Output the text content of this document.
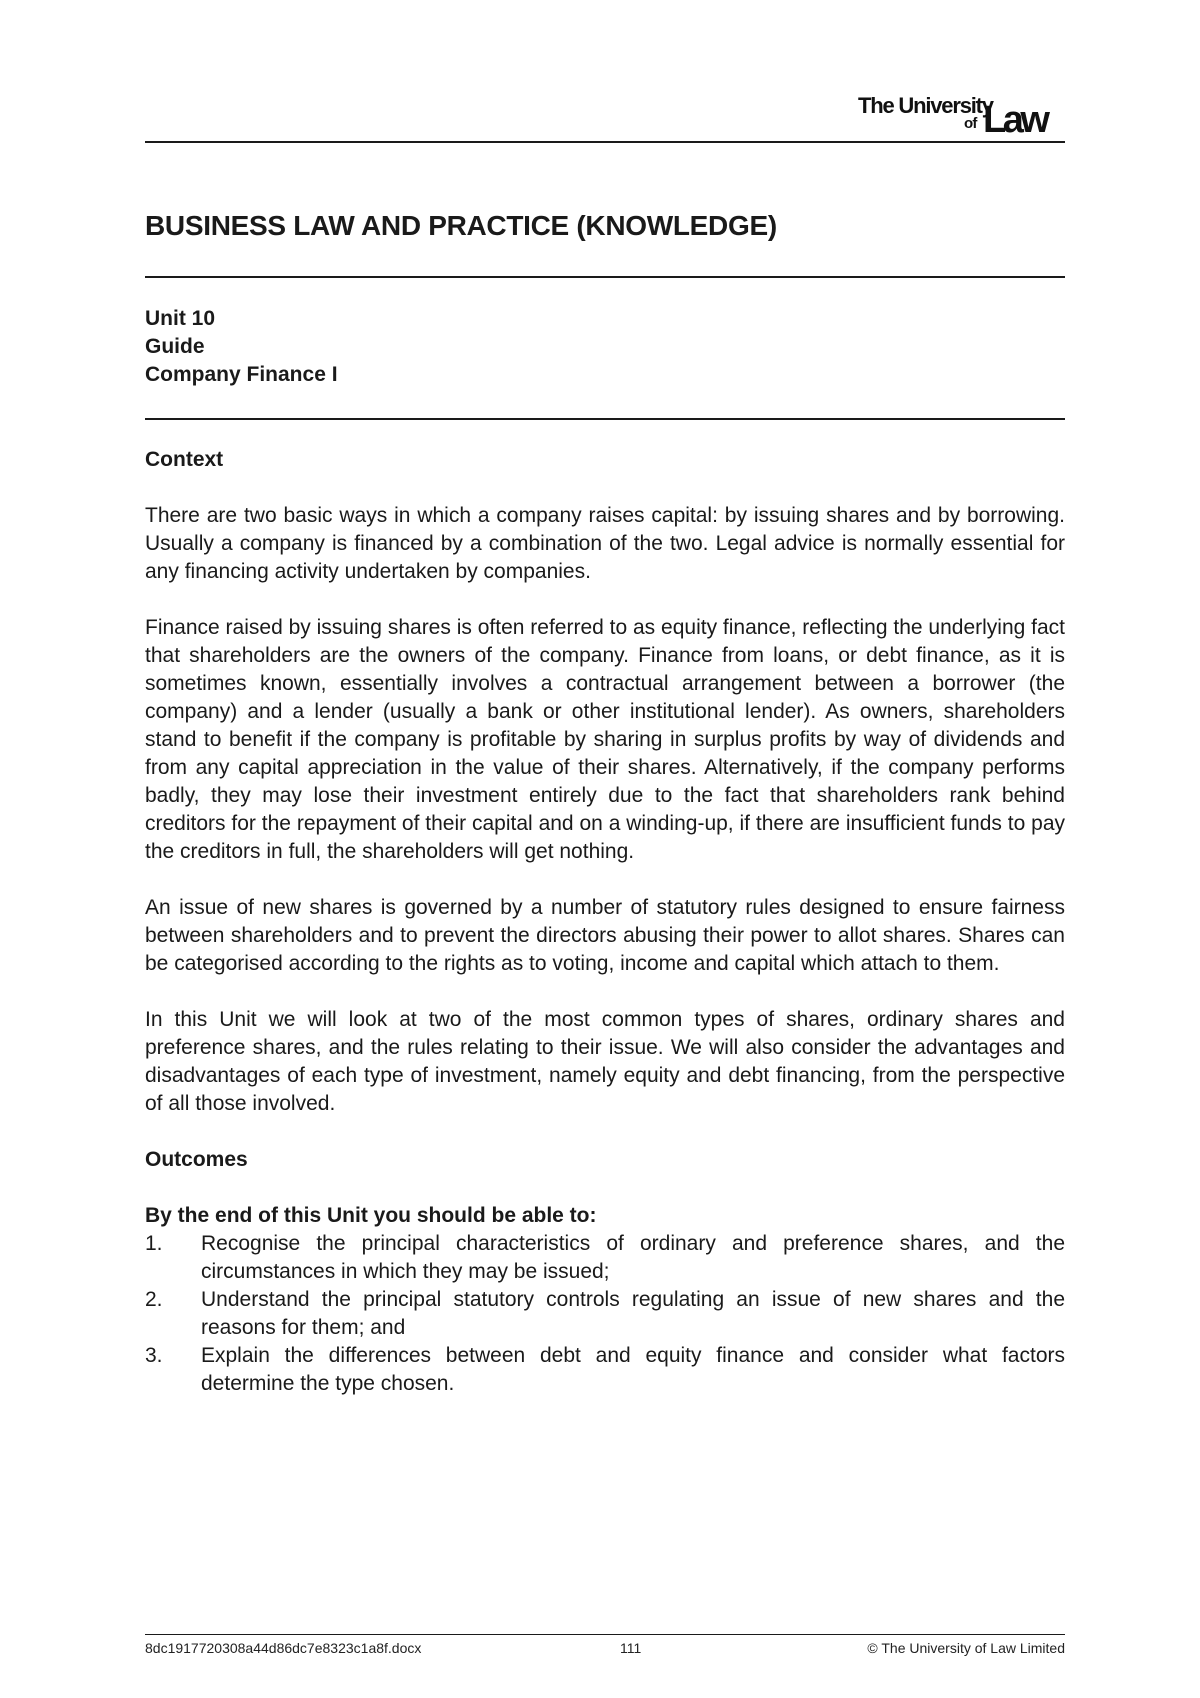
The University
of Law
BUSINESS LAW AND PRACTICE (KNOWLEDGE)
Unit 10
Guide
Company Finance I
Context

There are two basic ways in which a company raises capital: by issuing shares and by borrowing. Usually a company is financed by a combination of the two. Legal advice is normally essential for any financing activity undertaken by companies.

Finance raised by issuing shares is often referred to as equity finance, reflecting the underlying fact that shareholders are the owners of the company. Finance from loans, or debt finance, as it is sometimes known, essentially involves a contractual arrangement between a borrower (the company) and a lender (usually a bank or other institutional lender). As owners, shareholders stand to benefit if the company is profitable by sharing in surplus profits by way of dividends and from any capital appreciation in the value of their shares. Alternatively, if the company performs badly, they may lose their investment entirely due to the fact that shareholders rank behind creditors for the repayment of their capital and on a winding-up, if there are insufficient funds to pay the creditors in full, the shareholders will get nothing.

An issue of new shares is governed by a number of statutory rules designed to ensure fairness between shareholders and to prevent the directors abusing their power to allot shares. Shares can be categorised according to the rights as to voting, income and capital which attach to them.

In this Unit we will look at two of the most common types of shares, ordinary shares and preference shares, and the rules relating to their issue. We will also consider the advantages and disadvantages of each type of investment, namely equity and debt financing, from the perspective of all those involved.

Outcomes

By the end of this Unit you should be able to:

1. Recognise the principal characteristics of ordinary and preference shares, and the circumstances in which they may be issued;
2. Understand the principal statutory controls regulating an issue of new shares and the reasons for them; and
3. Explain the differences between debt and equity finance and consider what factors determine the type chosen.
8dc1917720308a44d86dc7e8323c1a8f.docx	111	© The University of Law Limited
